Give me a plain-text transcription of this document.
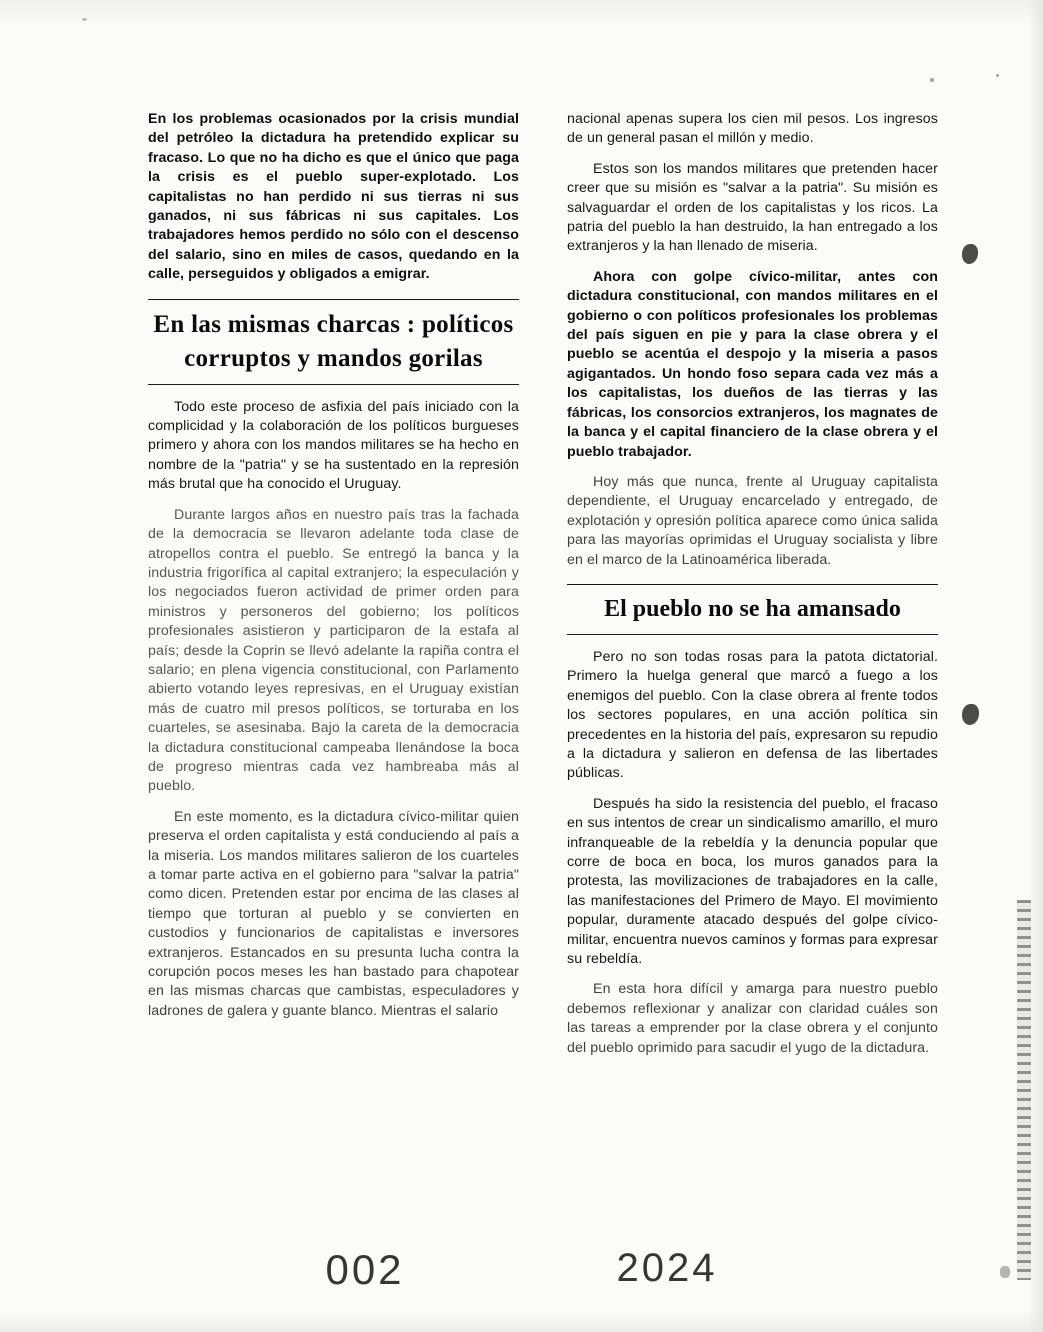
En los problemas ocasionados por la crisis mundial del petróleo la dictadura ha pretendido explicar su fracaso. Lo que no ha dicho es que el único que paga la crisis es el pueblo super-explotado. Los capitalistas no han perdido ni sus tierras ni sus ganados, ni sus fábricas ni sus capitales. Los trabajadores hemos perdido no sólo con el descenso del salario, sino en miles de casos, quedando en la calle, perseguidos y obligados a emigrar.

En las mismas charcas : políticos
corruptos y mandos gorilas

Todo este proceso de asfixia del país iniciado con la complicidad y la colaboración de los políticos burgueses primero y ahora con los mandos militares se ha hecho en nombre de la "patria" y se ha sustentado en la represión más brutal que ha conocido el Uruguay.

Durante largos años en nuestro país tras la fachada de la democracia se llevaron adelante toda clase de atropellos contra el pueblo. Se entregó la banca y la industria frigorífica al capital extranjero; la especulación y los negociados fueron actividad de primer orden para ministros y personeros del gobierno; los políticos profesionales asistieron y participaron de la estafa al país; desde la Coprin se llevó adelante la rapiña contra el salario; en plena vigencia constitucional, con Parlamento abierto votando leyes represivas, en el Uruguay existían más de cuatro mil presos políticos, se torturaba en los cuarteles, se asesinaba. Bajo la careta de la democracia la dictadura constitucional campeaba llenándose la boca de progreso mientras cada vez hambreaba más al pueblo.

En este momento, es la dictadura cívico-militar quien preserva el orden capitalista y está conduciendo al país a la miseria. Los mandos militares salieron de los cuarteles a tomar parte activa en el gobierno para "salvar la patria" como dicen. Pretenden estar por encima de las clases al tiempo que torturan al pueblo y se convierten en custodios y funcionarios de capitalistas e inversores extranjeros. Estancados en su presunta lucha contra la corupción pocos meses les han bastado para chapotear en las mismas charcas que cambistas, especuladores y ladrones de galera y guante blanco. Mientras el salario

nacional apenas supera los cien mil pesos. Los ingresos de un general pasan el millón y medio.

Estos son los mandos militares que pretenden hacer creer que su misión es "salvar a la patria". Su misión es salvaguardar el orden de los capitalistas y los ricos. La patria del pueblo la han destruido, la han entregado a los extranjeros y la han llenado de miseria.

Ahora con golpe cívico-militar, antes con dictadura constitucional, con mandos militares en el gobierno o con políticos profesionales los problemas del país siguen en pie y para la clase obrera y el pueblo se acentúa el despojo y la miseria a pasos agigantados. Un hondo foso separa cada vez más a los capitalistas, los dueños de las tierras y las fábricas, los consorcios extranjeros, los magnates de la banca y el capital financiero de la clase obrera y el pueblo trabajador.

Hoy más que nunca, frente al Uruguay capitalista dependiente, el Uruguay encarcelado y entregado, de explotación y opresión política aparece como única salida para las mayorías oprimidas el Uruguay socialista y libre en el marco de la Latinoamérica liberada.

El pueblo no se ha amansado

Pero no son todas rosas para la patota dictatorial. Primero la huelga general que marcó a fuego a los enemigos del pueblo. Con la clase obrera al frente todos los sectores populares, en una acción política sin precedentes en la historia del país, expresaron su repudio a la dictadura y salieron en defensa de las libertades públicas.

Después ha sido la resistencia del pueblo, el fracaso en sus intentos de crear un sindicalismo amarillo, el muro infranqueable de la rebeldía y la denuncia popular que corre de boca en boca, los muros ganados para la protesta, las movilizaciones de trabajadores en la calle, las manifestaciones del Primero de Mayo. El movimiento popular, duramente atacado después del golpe cívico-militar, encuentra nuevos caminos y formas para expresar su rebeldía.

En esta hora difícil y amarga para nuestro pueblo debemos reflexionar y analizar con claridad cuáles son las tareas a emprender por la clase obrera y el conjunto del pueblo oprimido para sacudir el yugo de la dictadura.

002	2024
